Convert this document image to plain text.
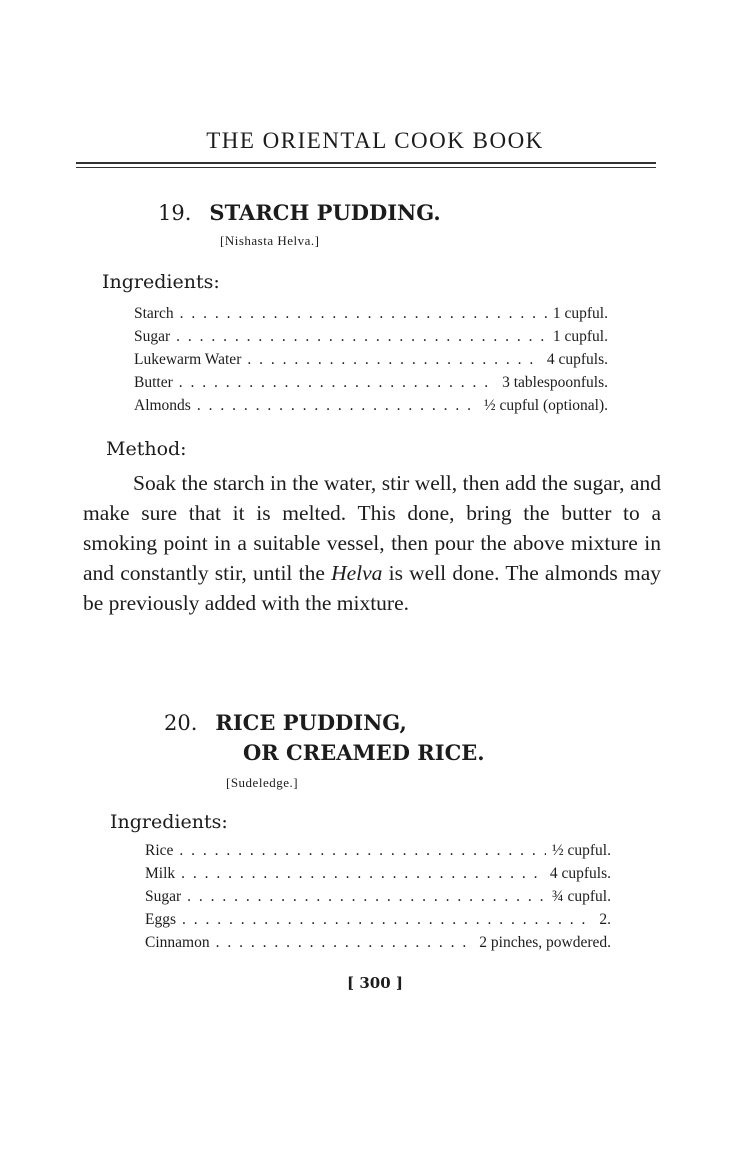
THE ORIENTAL COOK BOOK
19. STARCH PUDDING.
[Nishasta Helva.]
Ingredients:
Starch . . .	1 cupful.
Sugar . . .	1 cupful.
Lukewarm Water . . .	4 cupfuls.
Butter . . .	3 tablespoonfuls.
Almonds . . .	½ cupful (optional).
Method:

Soak the starch in the water, stir well, then add the sugar, and make sure that it is melted. This done, bring the butter to a smoking point in a suitable vessel, then pour the above mixture in and constantly stir, until the Helva is well done. The almonds may be previously added with the mixture.

20. RICE PUDDING,
OR CREAMED RICE.
[Sudeledge.]
Ingredients:
Rice . . .	½ cupful.
Milk . . .	4 cupfuls.
Sugar . . .	¾ cupful.
Eggs . . .	2.
Cinnamon . . .	2 pinches, powdered.
[ 300 ]
